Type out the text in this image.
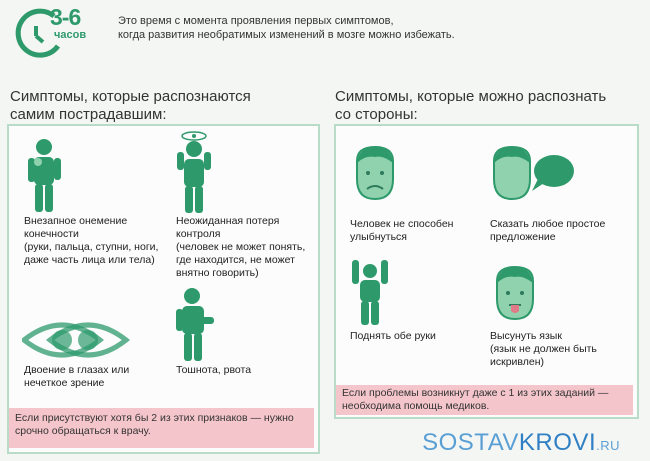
3-6
часов
Это время с момента проявления первых симптомов,
когда развития необратимых изменений в мозге можно избежать.
Симптомы, которые распознаются
самим пострадавшим:
Внезапное онемение
конечности
(руки, пальца, ступни, ноги,
даже часть лица или тела)
Неожиданная потеря
контроля
(человек не может понять,
где находится, не может
внятно говорить)
Двоение в глазах или
нечеткое зрение
Тошнота, рвота
Если присутствуют хотя бы 2 из этих признаков — нужно
срочно обращаться к врачу.
Симптомы, которые можно распознать
со стороны:
Человек не способен
улыбнуться
Сказать любое простое
предложение
Поднять обе руки	Высунуть язык
(язык не должен быть
искривлен)
Если проблемы возникнут даже с 1 из этих заданий —
необходима помощь медиков.
SOSTAVKROVI.RU
